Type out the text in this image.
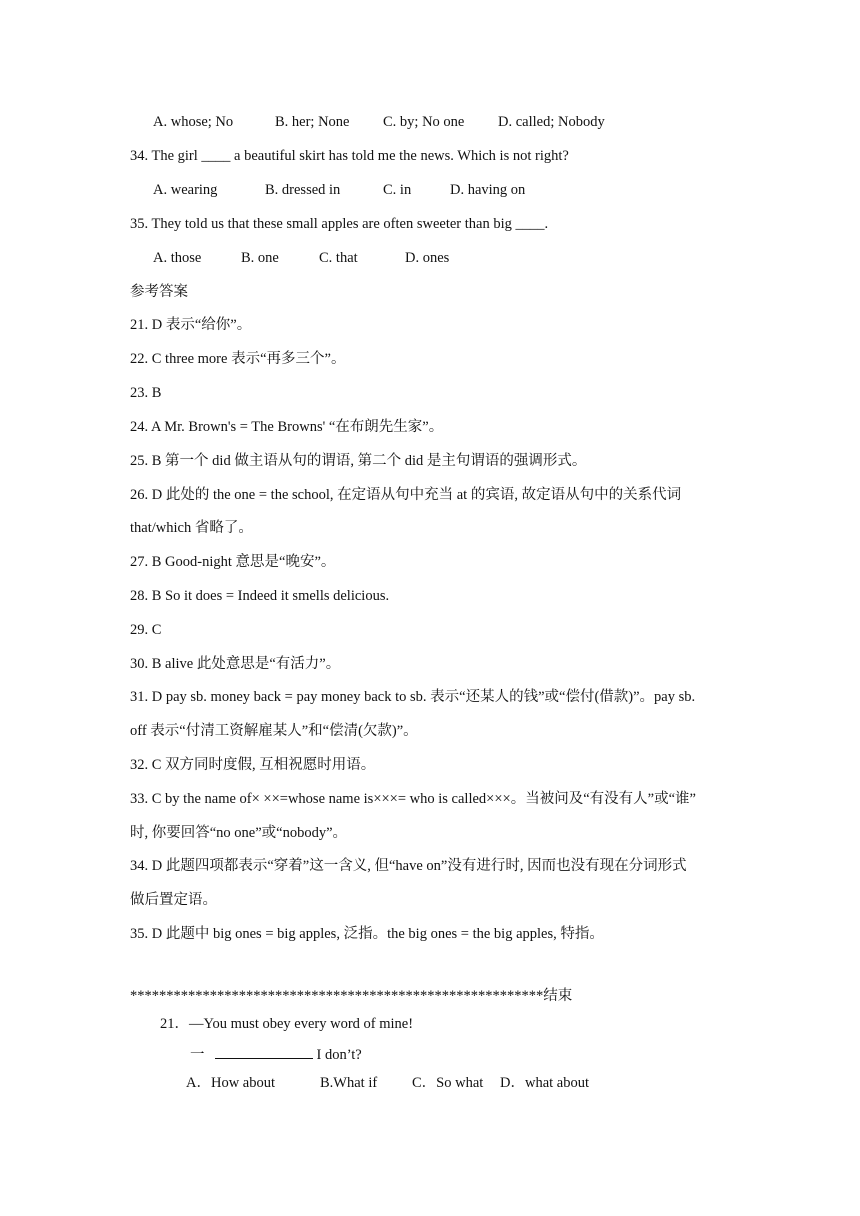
A. whose; No	B. her; None C. by; No one D. called; Nobody
34. The girl ____ a beautiful skirt has told me the news. Which is not right?
A. wearing	B. dressed in	C. in	D. having on
35. They told us that these small apples are often sweeter than big ____.
A. those	B. one	C. that	D. ones
参考答案
21. D 表示“给你”。
22. C three more 表示“再多三个”。
23. B
24. A Mr. Brown's = The Browns' “在布朗先生家”。
25. B 第一个 did 做主语从句的谓语, 第二个 did 是主句谓语的强调形式。
26. D 此处的 the one = the school, 在定语从句中充当 at 的宾语, 故定语从句中的关系代词
that/which 省略了。
27. B Good-night 意思是“晚安”。
28. B So it does = Indeed it smells delicious.
29. C
30. B alive 此处意思是“有活力”。
31. D pay sb. money back = pay money back to sb. 表示“还某人的钱”或“偿付(借款)”。pay sb.
off 表示“付清工资解雇某人”和“偿清(欠款)”。
32. C 双方同时度假, 互相祝愿时用语。
33. C by the name of× ××=whose name is×××= who is called×××。当被问及“有没有人”或“谁”
时, 你要回答“no one”或“nobody”。
34. D 此题四项都表示“穿着”这一含义, 但“have on”没有进行时, 因而也没有现在分词形式
做后置定语。
35. D 此题中 big ones = big apples, 泛指。the big ones = the big apples, 特指。
*********************************************************结束
21．—You must obey every word of mine!
一	I don’t?
A．How about	B.What if C．So what D．what about
